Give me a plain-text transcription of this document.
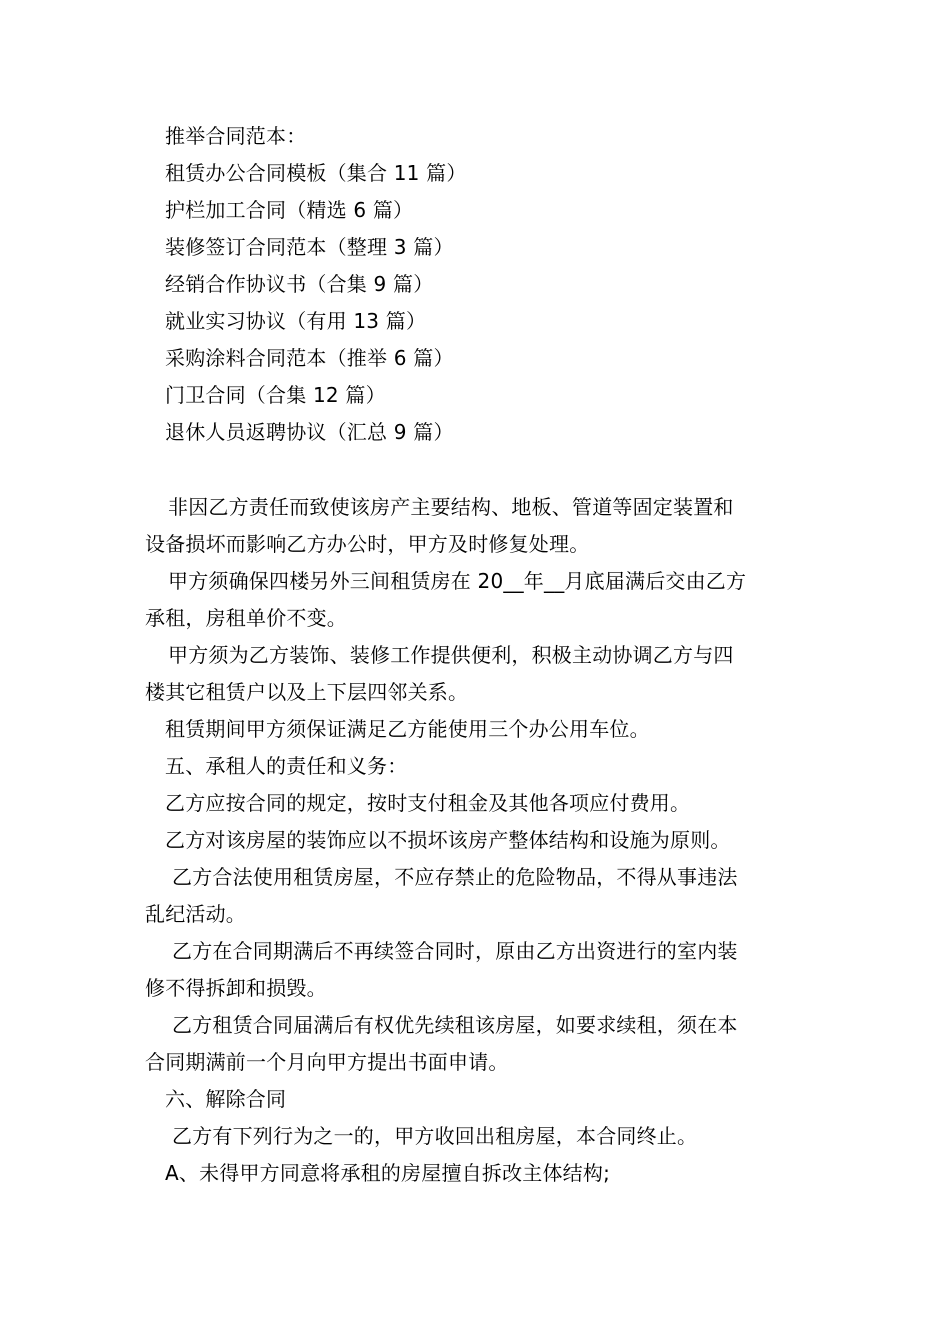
推举合同范本：
租赁办公合同模板（集合 11 篇）
护栏加工合同（精选 6 篇）
装修签订合同范本（整理 3 篇）
经销合作协议书（合集 9 篇）
就业实习协议（有用 13 篇）
采购涂料合同范本（推举 6 篇）
门卫合同（合集 12 篇）
退休人员返聘协议（汇总 9 篇）
非因乙方责任而致使该房产主要结构、地板、管道等固定装置和
设备损坏而影响乙方办公时，甲方及时修复处理。
甲方须确保四楼另外三间租赁房在 20__年__月底届满后交由乙方
承租，房租单价不变。
甲方须为乙方装饰、装修工作提供便利，积极主动协调乙方与四
楼其它租赁户以及上下层四邻关系。
租赁期间甲方须保证满足乙方能使用三个办公用车位。
五、承租人的责任和义务：
乙方应按合同的规定，按时支付租金及其他各项应付费用。
乙方对该房屋的装饰应以不损坏该房产整体结构和设施为原则。
乙方合法使用租赁房屋，不应存禁止的危险物品，不得从事违法
乱纪活动。
乙方在合同期满后不再续签合同时，原由乙方出资进行的室内装
修不得拆卸和损毁。
乙方租赁合同届满后有权优先续租该房屋，如要求续租，须在本
合同期满前一个月向甲方提出书面申请。
六、解除合同
乙方有下列行为之一的，甲方收回出租房屋，本合同终止。
A、未得甲方同意将承租的房屋擅自拆改主体结构;
